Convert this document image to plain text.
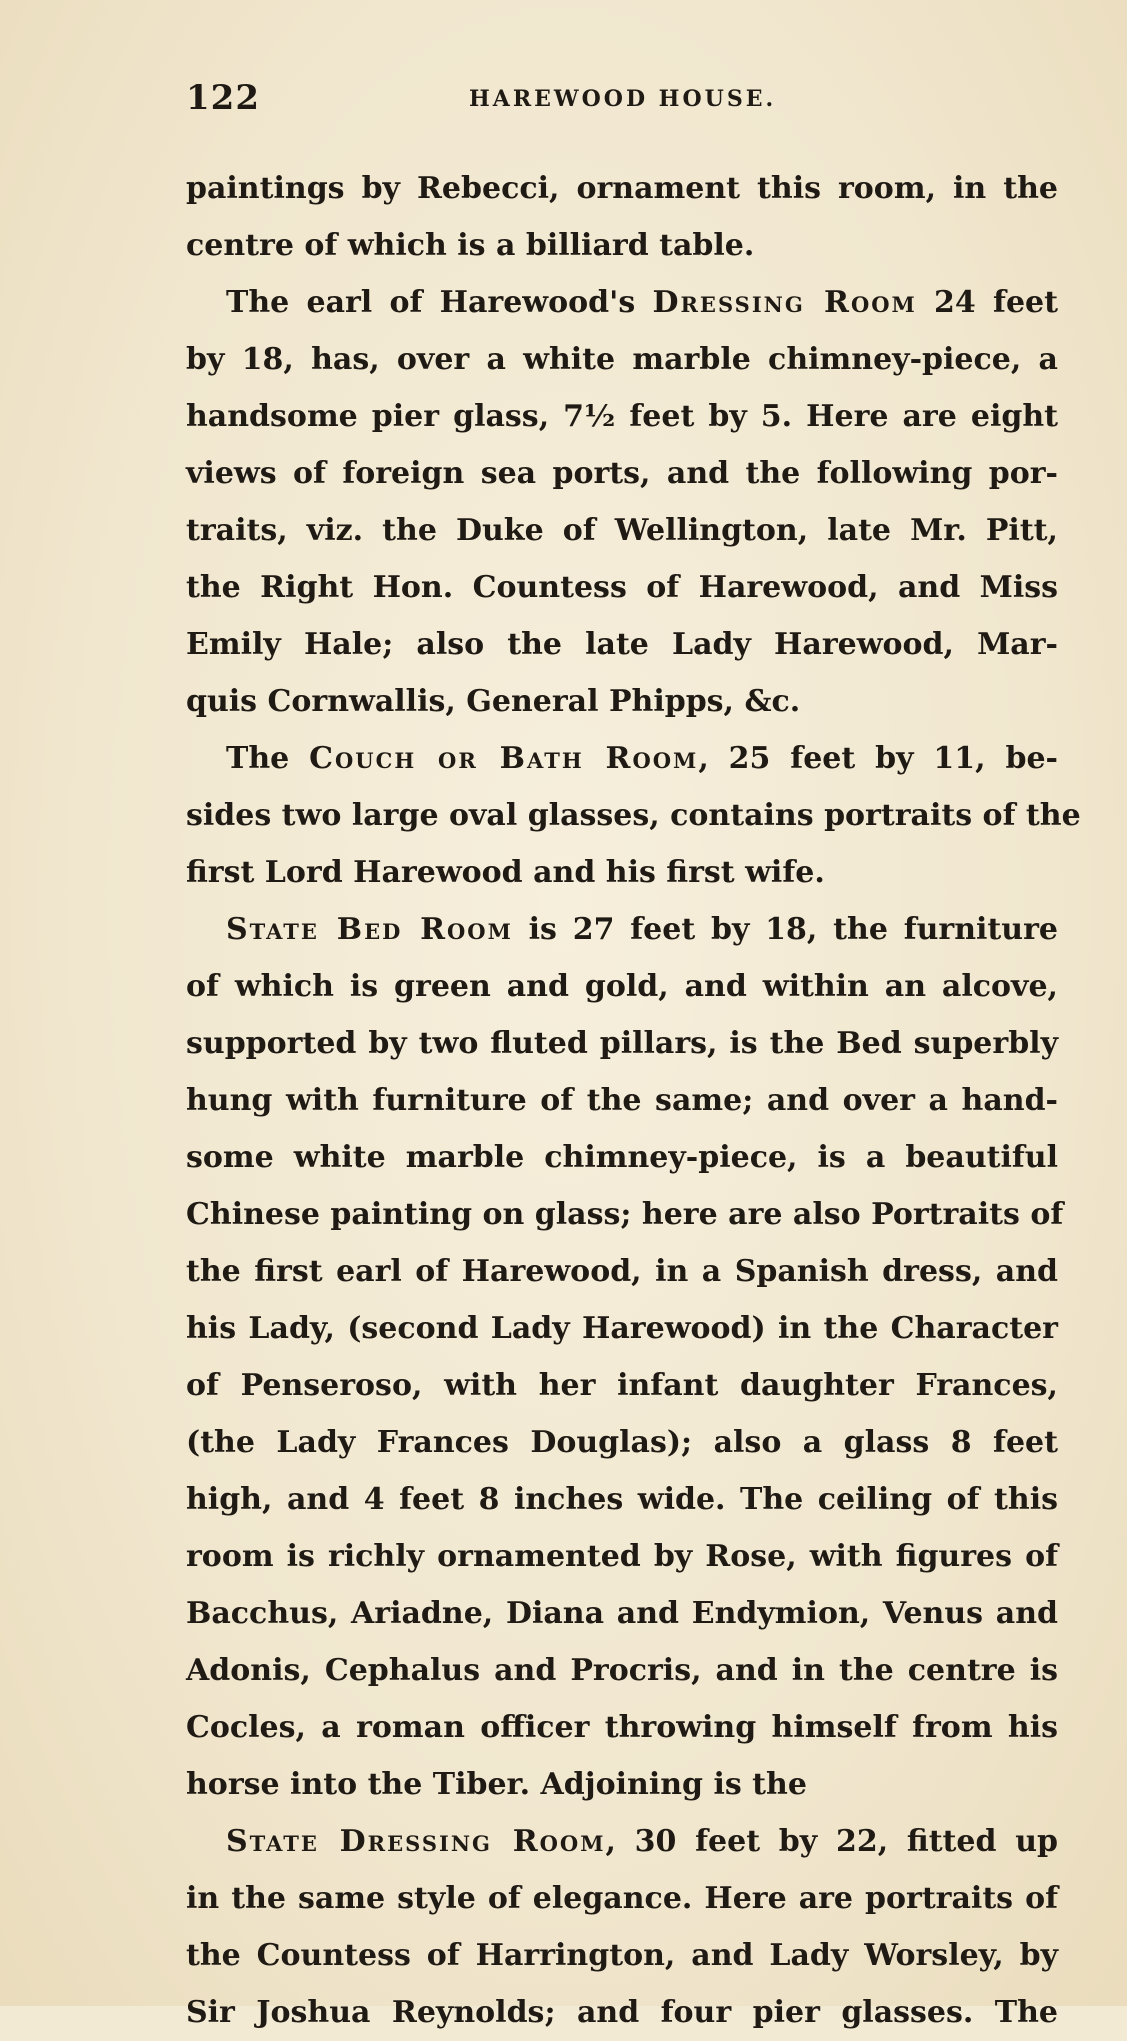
122	HAREWOOD HOUSE.
paintings by Rebecci, ornament this room, in the
centre of which is a billiard table.
The earl of Harewood's Dressing Room 24 feet
by 18, has, over a white marble chimney-piece, a
handsome pier glass, 7½ feet by 5. Here are eight
views of foreign sea ports, and the following por-
traits, viz. the Duke of Wellington, late Mr. Pitt,
the Right Hon. Countess of Harewood, and Miss
Emily Hale; also the late Lady Harewood, Mar-
quis Cornwallis, General Phipps, &c.
The Couch or Bath Room, 25 feet by 11, be-
sides two large oval glasses, contains portraits of the
first Lord Harewood and his first wife.
State Bed Room is 27 feet by 18, the furniture
of which is green and gold, and within an alcove,
supported by two fluted pillars, is the Bed superbly
hung with furniture of the same; and over a hand-
some white marble chimney-piece, is a beautiful
Chinese painting on glass; here are also Portraits of
the first earl of Harewood, in a Spanish dress, and
his Lady, (second Lady Harewood) in the Character
of Penseroso, with her infant daughter Frances,
(the Lady Frances Douglas); also a glass 8 feet
high, and 4 feet 8 inches wide. The ceiling of this
room is richly ornamented by Rose, with figures of
Bacchus, Ariadne, Diana and Endymion, Venus and
Adonis, Cephalus and Procris, and in the centre is
Cocles, a roman officer throwing himself from his
horse into the Tiber. Adjoining is the
State Dressing Room, 30 feet by 22, fitted up
in the same style of elegance. Here are portraits of
the Countess of Harrington, and Lady Worsley, by
Sir Joshua Reynolds; and four pier glasses. The
